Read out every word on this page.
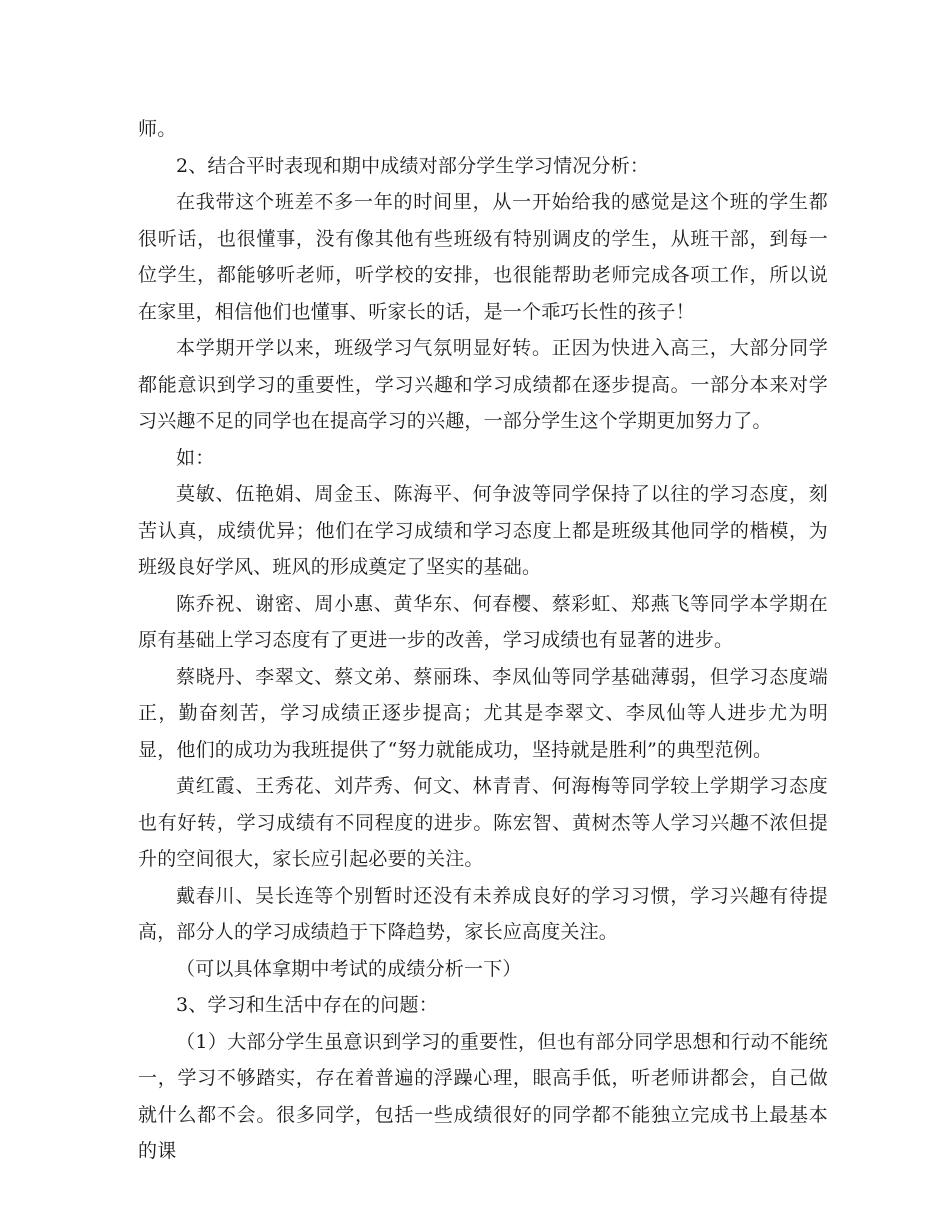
师。

2、结合平时表现和期中成绩对部分学生学习情况分析：

在我带这个班差不多一年的时间里，从一开始给我的感觉是这个班的学生都很听话，也很懂事，没有像其他有些班级有特别调皮的学生，从班干部，到每一位学生，都能够听老师，听学校的安排，也很能帮助老师完成各项工作，所以说在家里，相信他们也懂事、听家长的话，是一个乖巧长性的孩子！

本学期开学以来，班级学习气氛明显好转。正因为快进入高三，大部分同学都能意识到学习的重要性，学习兴趣和学习成绩都在逐步提高。一部分本来对学习兴趣不足的同学也在提高学习的兴趣，一部分学生这个学期更加努力了。

如：

莫敏、伍艳娟、周金玉、陈海平、何争波等同学保持了以往的学习态度，刻苦认真，成绩优异；他们在学习成绩和学习态度上都是班级其他同学的楷模，为班级良好学风、班风的形成奠定了坚实的基础。

陈乔祝、谢密、周小惠、黄华东、何春樱、蔡彩虹、郑燕飞等同学本学期在原有基础上学习态度有了更进一步的改善，学习成绩也有显著的进步。

蔡晓丹、李翠文、蔡文弟、蔡丽珠、李凤仙等同学基础薄弱，但学习态度端正，勤奋刻苦，学习成绩正逐步提高；尤其是李翠文、李凤仙等人进步尤为明显，他们的成功为我班提供了“努力就能成功，坚持就是胜利”的典型范例。

黄红霞、王秀花、刘芹秀、何文、林青青、何海梅等同学较上学期学习态度也有好转，学习成绩有不同程度的进步。陈宏智、黄树杰等人学习兴趣不浓但提升的空间很大，家长应引起必要的关注。

戴春川、吴长连等个别暂时还没有未养成良好的学习习惯，学习兴趣有待提高，部分人的学习成绩趋于下降趋势，家长应高度关注。

（可以具体拿期中考试的成绩分析一下）

3、学习和生活中存在的问题：

（1）大部分学生虽意识到学习的重要性，但也有部分同学思想和行动不能统一，学习不够踏实，存在着普遍的浮躁心理，眼高手低，听老师讲都会，自己做就什么都不会。很多同学，包括一些成绩很好的同学都不能独立完成书上最基本的课
